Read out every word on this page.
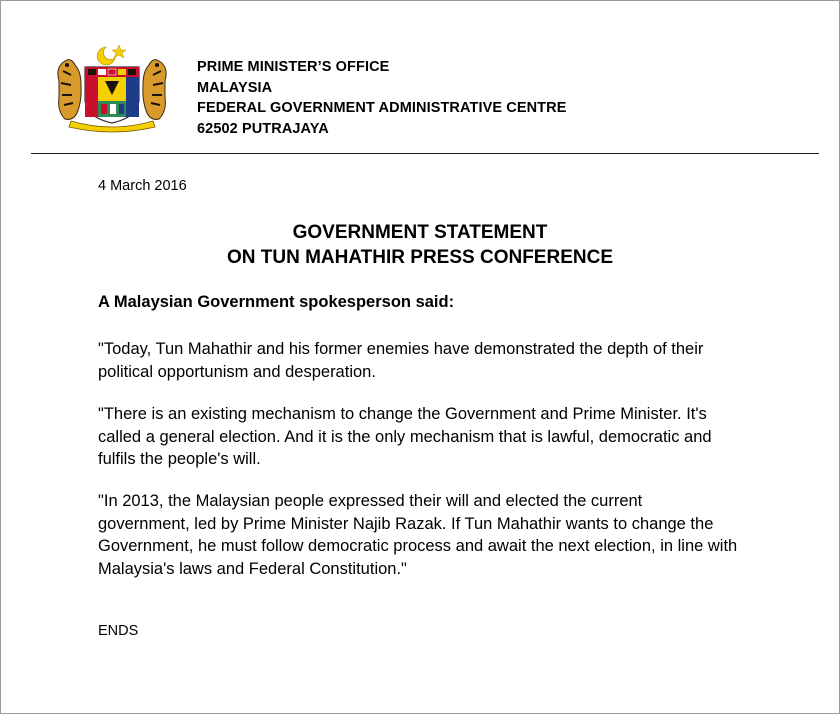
PRIME MINISTER’S OFFICE
MALAYSIA
FEDERAL GOVERNMENT ADMINISTRATIVE CENTRE
62502 PUTRAJAYA
4 March 2016
GOVERNMENT STATEMENT
ON TUN MAHATHIR PRESS CONFERENCE
A Malaysian Government spokesperson said:
"Today, Tun Mahathir and his former enemies have demonstrated the depth of their
political opportunism and desperation.
"There is an existing mechanism to change the Government and Prime Minister. It's
called a general election. And it is the only mechanism that is lawful, democratic and
fulfils the people's will.
"In 2013, the Malaysian people expressed their will and elected the current
government, led by Prime Minister Najib Razak. If Tun Mahathir wants to change the
Government, he must follow democratic process and await the next election, in line with
Malaysia's laws and Federal Constitution."
ENDS
